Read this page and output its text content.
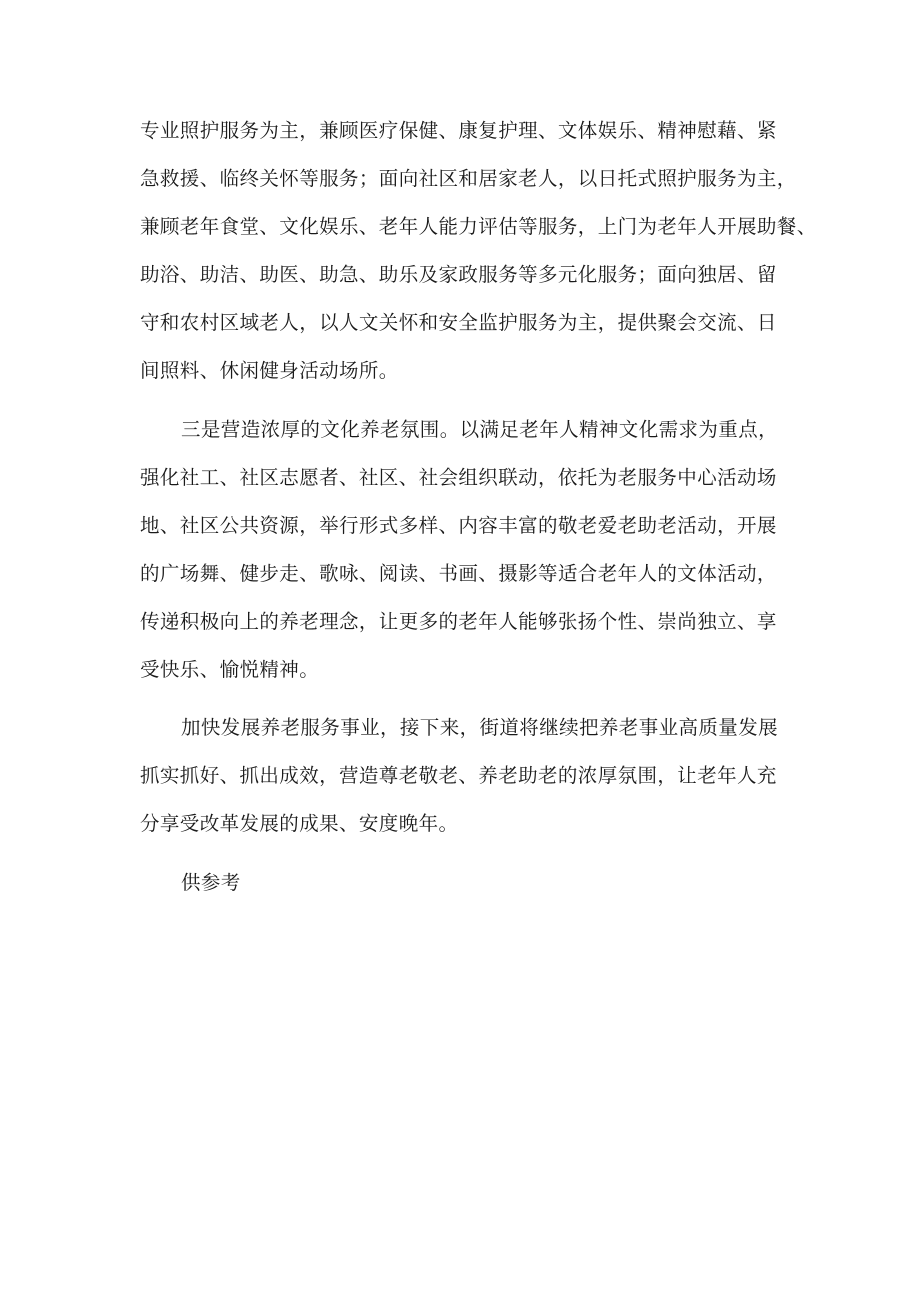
专业照护服务为主，兼顾医疗保健、康复护理、文体娱乐、精神慰藉、紧
急救援、临终关怀等服务；面向社区和居家老人，以日托式照护服务为主，
兼顾老年食堂、文化娱乐、老年人能力评估等服务，上门为老年人开展助餐、
助浴、助洁、助医、助急、助乐及家政服务等多元化服务；面向独居、留
守和农村区域老人，以人文关怀和安全监护服务为主，提供聚会交流、日
间照料、休闲健身活动场所。
三是营造浓厚的文化养老氛围。以满足老年人精神文化需求为重点，
强化社工、社区志愿者、社区、社会组织联动，依托为老服务中心活动场
地、社区公共资源，举行形式多样、内容丰富的敬老爱老助老活动，开展
的广场舞、健步走、歌咏、阅读、书画、摄影等适合老年人的文体活动，
传递积极向上的养老理念，让更多的老年人能够张扬个性、崇尚独立、享
受快乐、愉悦精神。
加快发展养老服务事业，接下来，街道将继续把养老事业高质量发展
抓实抓好、抓出成效，营造尊老敬老、养老助老的浓厚氛围，让老年人充
分享受改革发展的成果、安度晚年。
供参考
